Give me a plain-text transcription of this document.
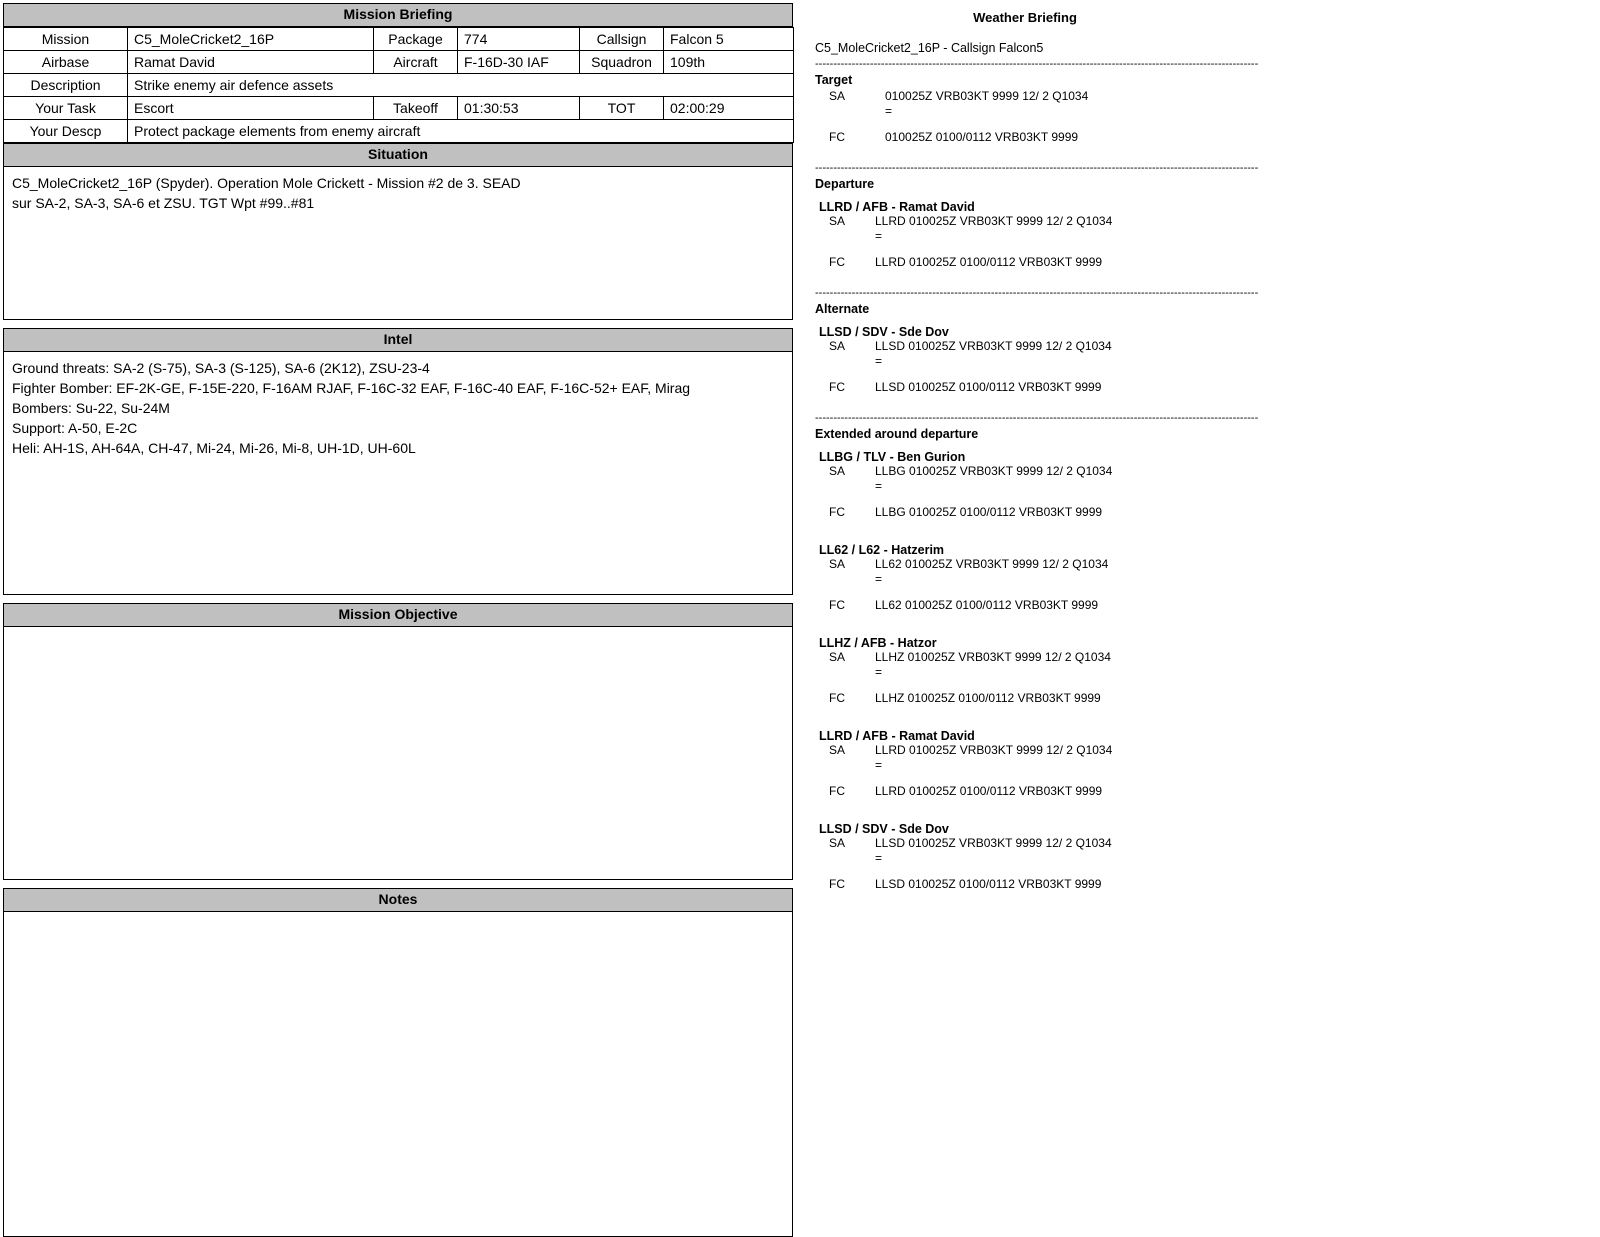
Mission Briefing
Mission	C5_MoleCricket2_16P	Package	774	Callsign	Falcon 5
Airbase	Ramat David	Aircraft	F-16D-30 IAF	Squadron	109th
Description	Strike enemy air defence assets				
Your Task	Escort	Takeoff	01:30:53	TOT	02:00:29
Your Descp	Protect package elements from enemy aircraft				
Situation
C5_MoleCricket2_16P (Spyder). Operation Mole Crickett - Mission #2 de 3. SEAD
sur SA-2, SA-3, SA-6 et ZSU. TGT Wpt #99..#81
Intel
Ground threats: SA-2 (S-75), SA-3 (S-125), SA-6 (2K12), ZSU-23-4
Fighter Bomber: EF-2K-GE, F-15E-220, F-16AM RJAF, F-16C-32 EAF, F-16C-40 EAF, F-16C-52+ EAF, Mirag
Bombers: Su-22, Su-24M
Support: A-50, E-2C
Heli: AH-1S, AH-64A, CH-47, Mi-24, Mi-26, Mi-8, UH-1D, UH-60L
Mission Objective
Notes
Weather Briefing
C5_MoleCricket2_16P - Callsign Falcon5
-------------------------------------------------------------------------------------------------------------------------
Target
SA	010025Z VRB03KT 9999 12/ 2 Q1034
=
FC	010025Z 0100/0112 VRB03KT 9999
-------------------------------------------------------------------------------------------------------------------------
Departure
LLRD / AFB - Ramat David
SA	LLRD 010025Z VRB03KT 9999 12/ 2 Q1034
=
FC	LLRD 010025Z 0100/0112 VRB03KT 9999
-------------------------------------------------------------------------------------------------------------------------
Alternate
LLSD / SDV - Sde Dov
SA	LLSD 010025Z VRB03KT 9999 12/ 2 Q1034
=
FC	LLSD 010025Z 0100/0112 VRB03KT 9999
-------------------------------------------------------------------------------------------------------------------------
Extended around departure
LLBG / TLV - Ben Gurion
SA	LLBG 010025Z VRB03KT 9999 12/ 2 Q1034
=
FC	LLBG 010025Z 0100/0112 VRB03KT 9999
LL62 / L62 - Hatzerim
SA	LL62 010025Z VRB03KT 9999 12/ 2 Q1034
=
FC	LL62 010025Z 0100/0112 VRB03KT 9999
LLHZ / AFB - Hatzor
SA	LLHZ 010025Z VRB03KT 9999 12/ 2 Q1034
=
FC	LLHZ 010025Z 0100/0112 VRB03KT 9999
LLRD / AFB - Ramat David
SA	LLRD 010025Z VRB03KT 9999 12/ 2 Q1034
=
FC	LLRD 010025Z 0100/0112 VRB03KT 9999
LLSD / SDV - Sde Dov
SA	LLSD 010025Z VRB03KT 9999 12/ 2 Q1034
=
FC	LLSD 010025Z 0100/0112 VRB03KT 9999
